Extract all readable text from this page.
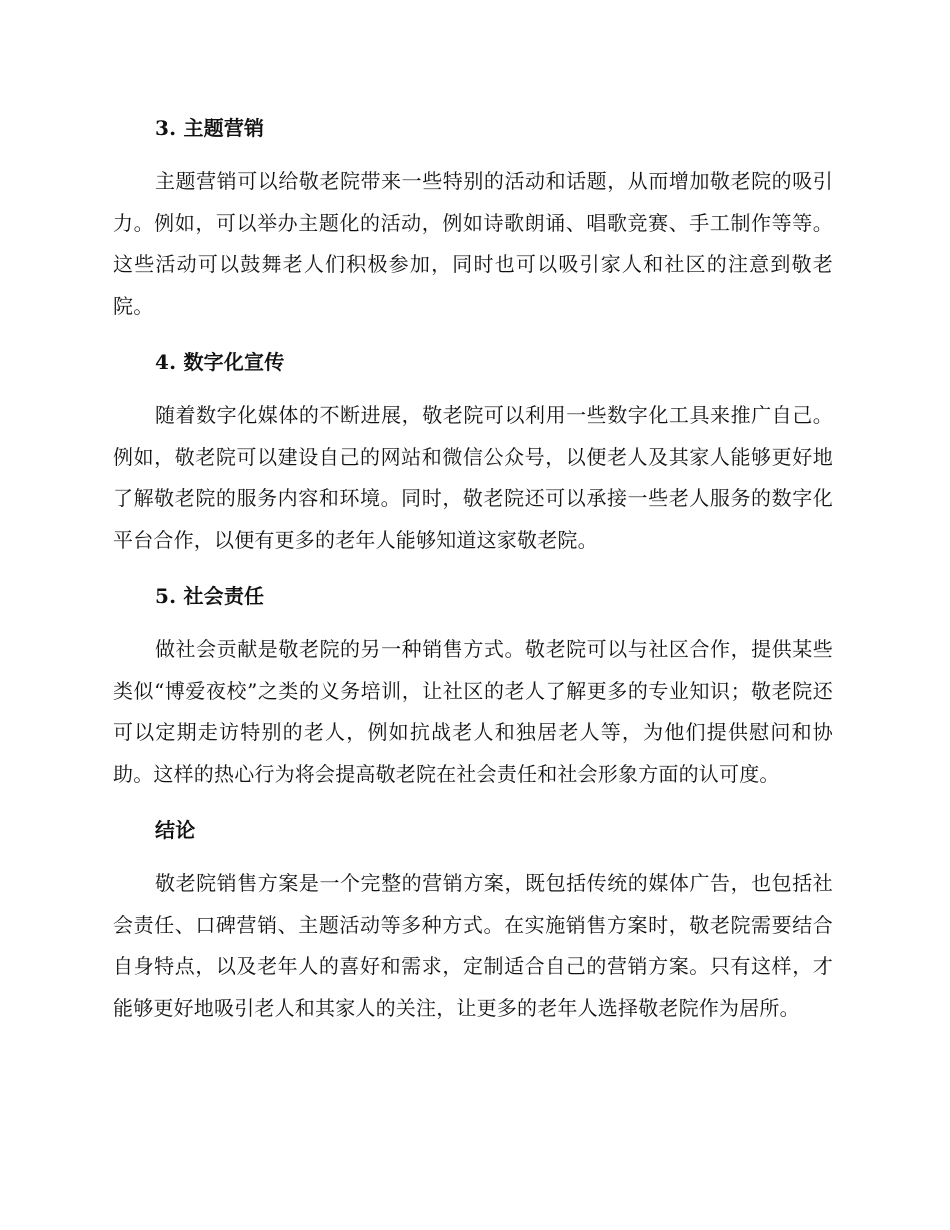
3. 主题营销

主题营销可以给敬老院带来一些特别的活动和话题，从而增加敬老院的吸引力。例如，可以举办主题化的活动，例如诗歌朗诵、唱歌竞赛、手工制作等等。这些活动可以鼓舞老人们积极参加，同时也可以吸引家人和社区的注意到敬老院。

4. 数字化宣传

随着数字化媒体的不断进展，敬老院可以利用一些数字化工具来推广自己。例如，敬老院可以建设自己的网站和微信公众号，以便老人及其家人能够更好地了解敬老院的服务内容和环境。同时，敬老院还可以承接一些老人服务的数字化平台合作，以便有更多的老年人能够知道这家敬老院。

5. 社会责任

做社会贡献是敬老院的另一种销售方式。敬老院可以与社区合作，提供某些类似“博爱夜校”之类的义务培训，让社区的老人了解更多的专业知识；敬老院还可以定期走访特别的老人，例如抗战老人和独居老人等，为他们提供慰问和协助。这样的热心行为将会提高敬老院在社会责任和社会形象方面的认可度。

结论

敬老院销售方案是一个完整的营销方案，既包括传统的媒体广告，也包括社会责任、口碑营销、主题活动等多种方式。在实施销售方案时，敬老院需要结合自身特点，以及老年人的喜好和需求，定制适合自己的营销方案。只有这样，才能够更好地吸引老人和其家人的关注，让更多的老年人选择敬老院作为居所。
